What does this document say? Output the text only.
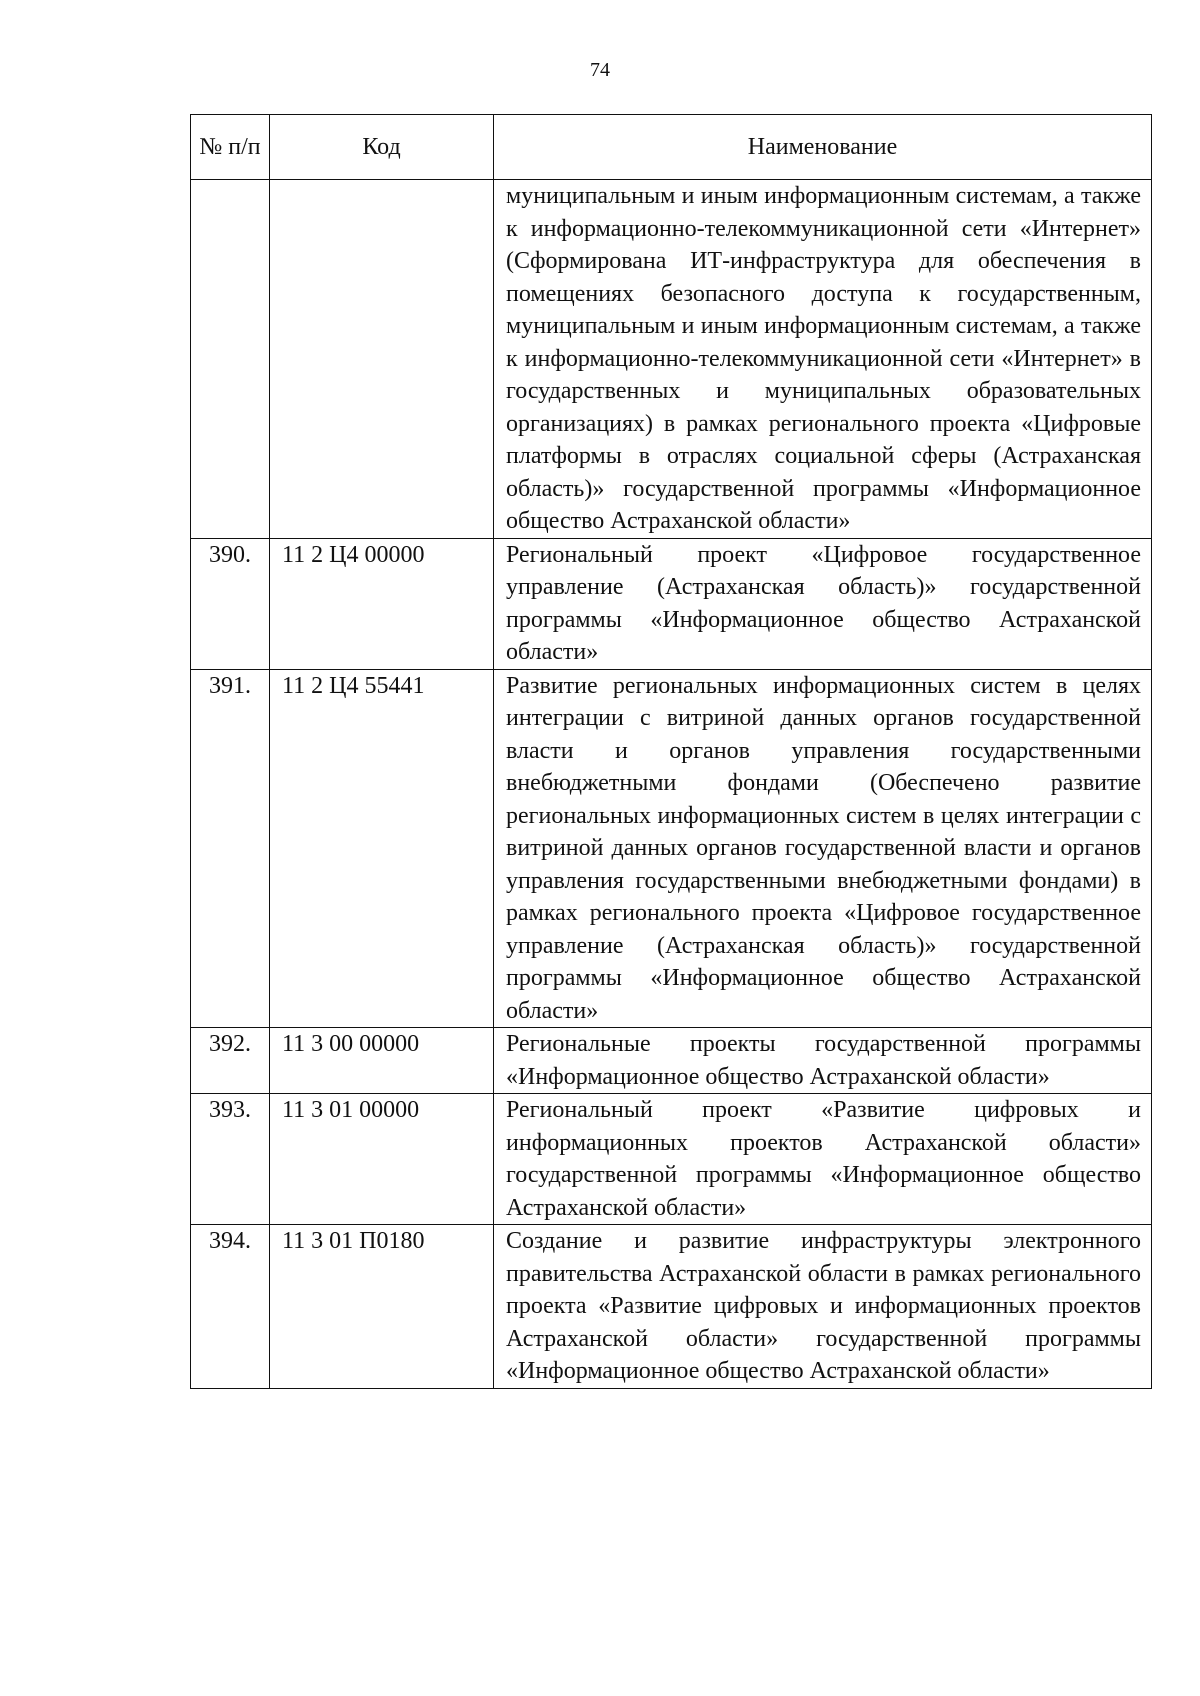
74
№ п/п	Код	Наименование
		муниципальным и иным информационным системам, а также к информационно-телекоммуникационной сети «Интернет» (Сформирована ИТ-инфраструктура для обеспечения в помещениях безопасного доступа к государственным, муниципальным и иным информационным системам, а также к информационно-телекоммуникационной сети «Интернет» в государственных и муниципальных образовательных организациях) в рамках регионального проекта «Цифровые платформы в отраслях социальной сферы (Астраханская область)» государственной программы «Информационное общество Астраханской области»
390.	11 2 Ц4 00000	Региональный проект «Цифровое государственное управление (Астраханская область)» государственной программы «Информационное общество Астраханской области»
391.	11 2 Ц4 55441	Развитие региональных информационных систем в целях интеграции с витриной данных органов государственной власти и органов управления государственными внебюджетными фондами (Обеспечено развитие региональных информационных систем в целях интеграции с витриной данных органов государственной власти и органов управления государственными внебюджетными фондами) в рамках регионального проекта «Цифровое государственное управление (Астраханская область)» государственной программы «Информационное общество Астраханской области»
392.	11 3 00 00000	Региональные проекты государственной программы «Информационное общество Астраханской области»
393.	11 3 01 00000	Региональный проект «Развитие цифровых и информационных проектов Астраханской области» государственной программы «Информационное общество Астраханской области»
394.	11 3 01 П0180	Создание и развитие инфраструктуры электронного правительства Астраханской области в рамках регионального проекта «Развитие цифровых и информационных проектов Астраханской области» государственной программы «Информационное общество Астраханской области»
